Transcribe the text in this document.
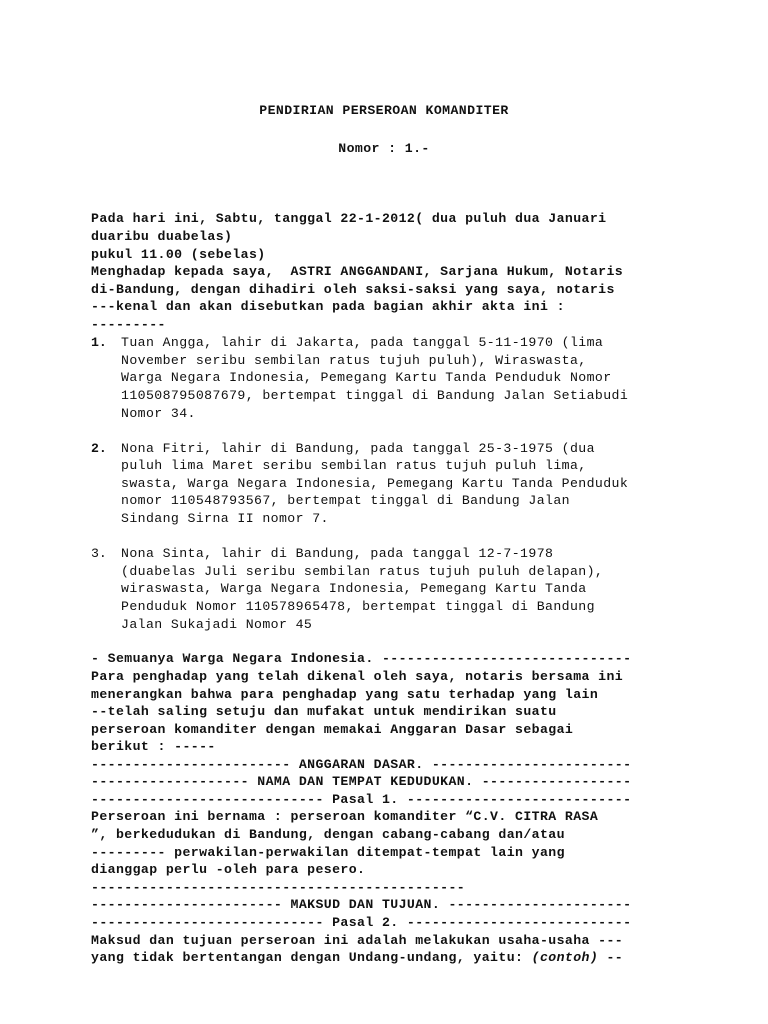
PENDIRIAN PERSEROAN KOMANDITER
Nomor : 1.-
Pada hari ini, Sabtu, tanggal 22-1-2012( dua puluh dua Januari
duaribu duabelas)
pukul 11.00 (sebelas)
Menghadap kepada saya,  ASTRI ANGGANDANI, Sarjana Hukum, Notaris
di-Bandung, dengan dihadiri oleh saksi-saksi yang saya, notaris
---kenal dan akan disebutkan pada bagian akhir akta ini :
---------
1. Tuan Angga, lahir di Jakarta, pada tanggal 5-11-1970 (lima
November seribu sembilan ratus tujuh puluh), Wiraswasta,
Warga Negara Indonesia, Pemegang Kartu Tanda Penduduk Nomor
110508795087679, bertempat tinggal di Bandung Jalan Setiabudi
Nomor 34.
2. Nona Fitri, lahir di Bandung, pada tanggal 25-3-1975 (dua
puluh lima Maret seribu sembilan ratus tujuh puluh lima,
swasta, Warga Negara Indonesia, Pemegang Kartu Tanda Penduduk
nomor 110548793567, bertempat tinggal di Bandung Jalan
Sindang Sirna II nomor 7.
3. Nona Sinta, lahir di Bandung, pada tanggal 12-7-1978
(duabelas Juli seribu sembilan ratus tujuh puluh delapan),
wiraswasta, Warga Negara Indonesia, Pemegang Kartu Tanda
Penduduk Nomor 110578965478, bertempat tinggal di Bandung
Jalan Sukajadi Nomor 45
- Semuanya Warga Negara Indonesia. ------------------------------
Para penghadap yang telah dikenal oleh saya, notaris bersama ini
menerangkan bahwa para penghadap yang satu terhadap yang lain
--telah saling setuju dan mufakat untuk mendirikan suatu
perseroan komanditer dengan memakai Anggaran Dasar sebagai
berikut : -----
------------------------ ANGGARAN DASAR. ------------------------
------------------- NAMA DAN TEMPAT KEDUDUKAN. ------------------
---------------------------- Pasal 1. ---------------------------
Perseroan ini bernama : perseroan komanditer “C.V. CITRA RASA
”, berkedudukan di Bandung, dengan cabang-cabang dan/atau
--------- perwakilan-perwakilan ditempat-tempat lain yang
dianggap perlu -oleh para pesero.
---------------------------------------------
----------------------- MAKSUD DAN TUJUAN. ----------------------
---------------------------- Pasal 2. ---------------------------
Maksud dan tujuan perseroan ini adalah melakukan usaha-usaha ---
yang tidak bertentangan dengan Undang-undang, yaitu: (contoh) --
